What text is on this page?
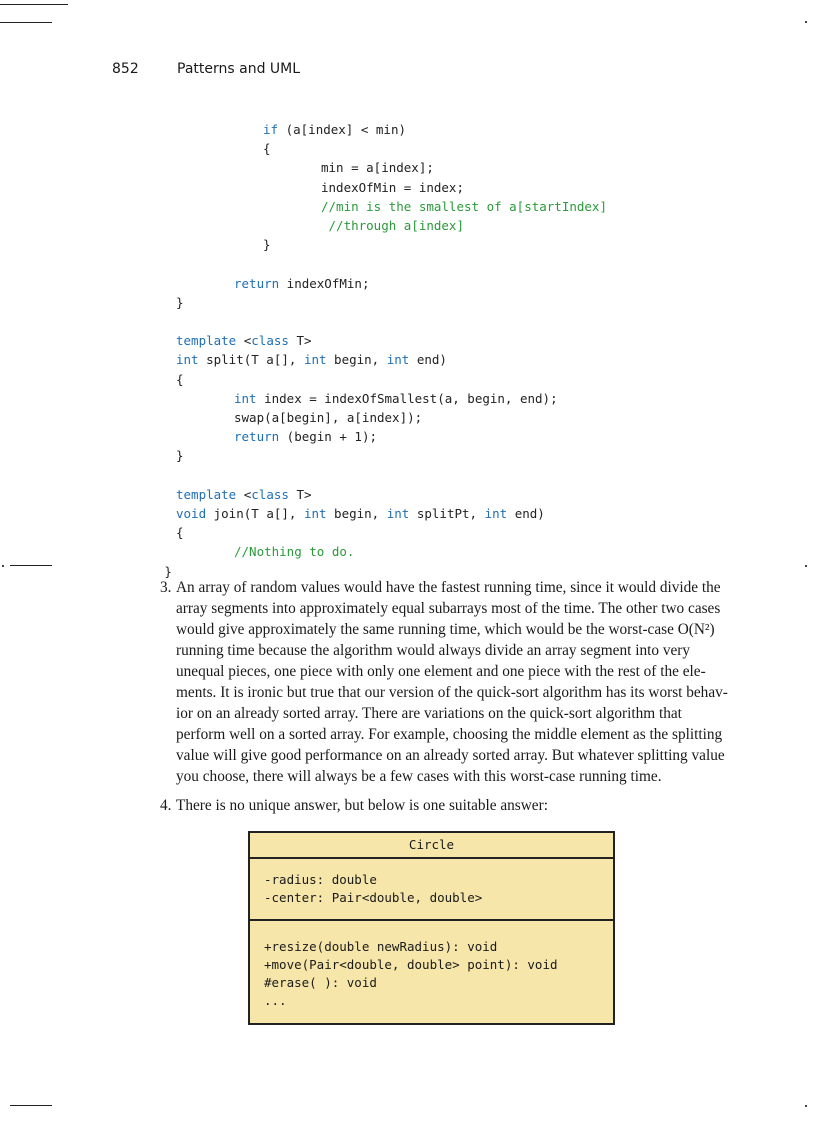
852	Patterns and UML
if (a[index] < min)
{
min = a[index];
indexOfMin = index;
//min is the smallest of a[startIndex]
//through a[index]
}
return indexOfMin;
}
template <class T>
int split(T a[], int begin, int end)
{
int index = indexOfSmallest(a, begin, end);
swap(a[begin], a[index]);
return (begin + 1);
}
template <class T>
void join(T a[], int begin, int splitPt, int end)
{
//Nothing to do.
}
3. An array of random values would have the fastest running time, since it would divide the
array segments into approximately equal subarrays most of the time. The other two cases
would give approximately the same running time, which would be the worst-case O(N²)
running time because the algorithm would always divide an array segment into very
unequal pieces, one piece with only one element and one piece with the rest of the ele-
ments. It is ironic but true that our version of the quick-sort algorithm has its worst behav-
ior on an already sorted array. There are variations on the quick-sort algorithm that
perform well on a sorted array. For example, choosing the middle element as the splitting
value will give good performance on an already sorted array. But whatever splitting value
you choose, there will always be a few cases with this worst-case running time.
4. There is no unique answer, but below is one suitable answer:
Circle
-radius: double
-center: Pair<double, double>
+resize(double newRadius): void
+move(Pair<double, double> point): void
#erase( ): void
...
